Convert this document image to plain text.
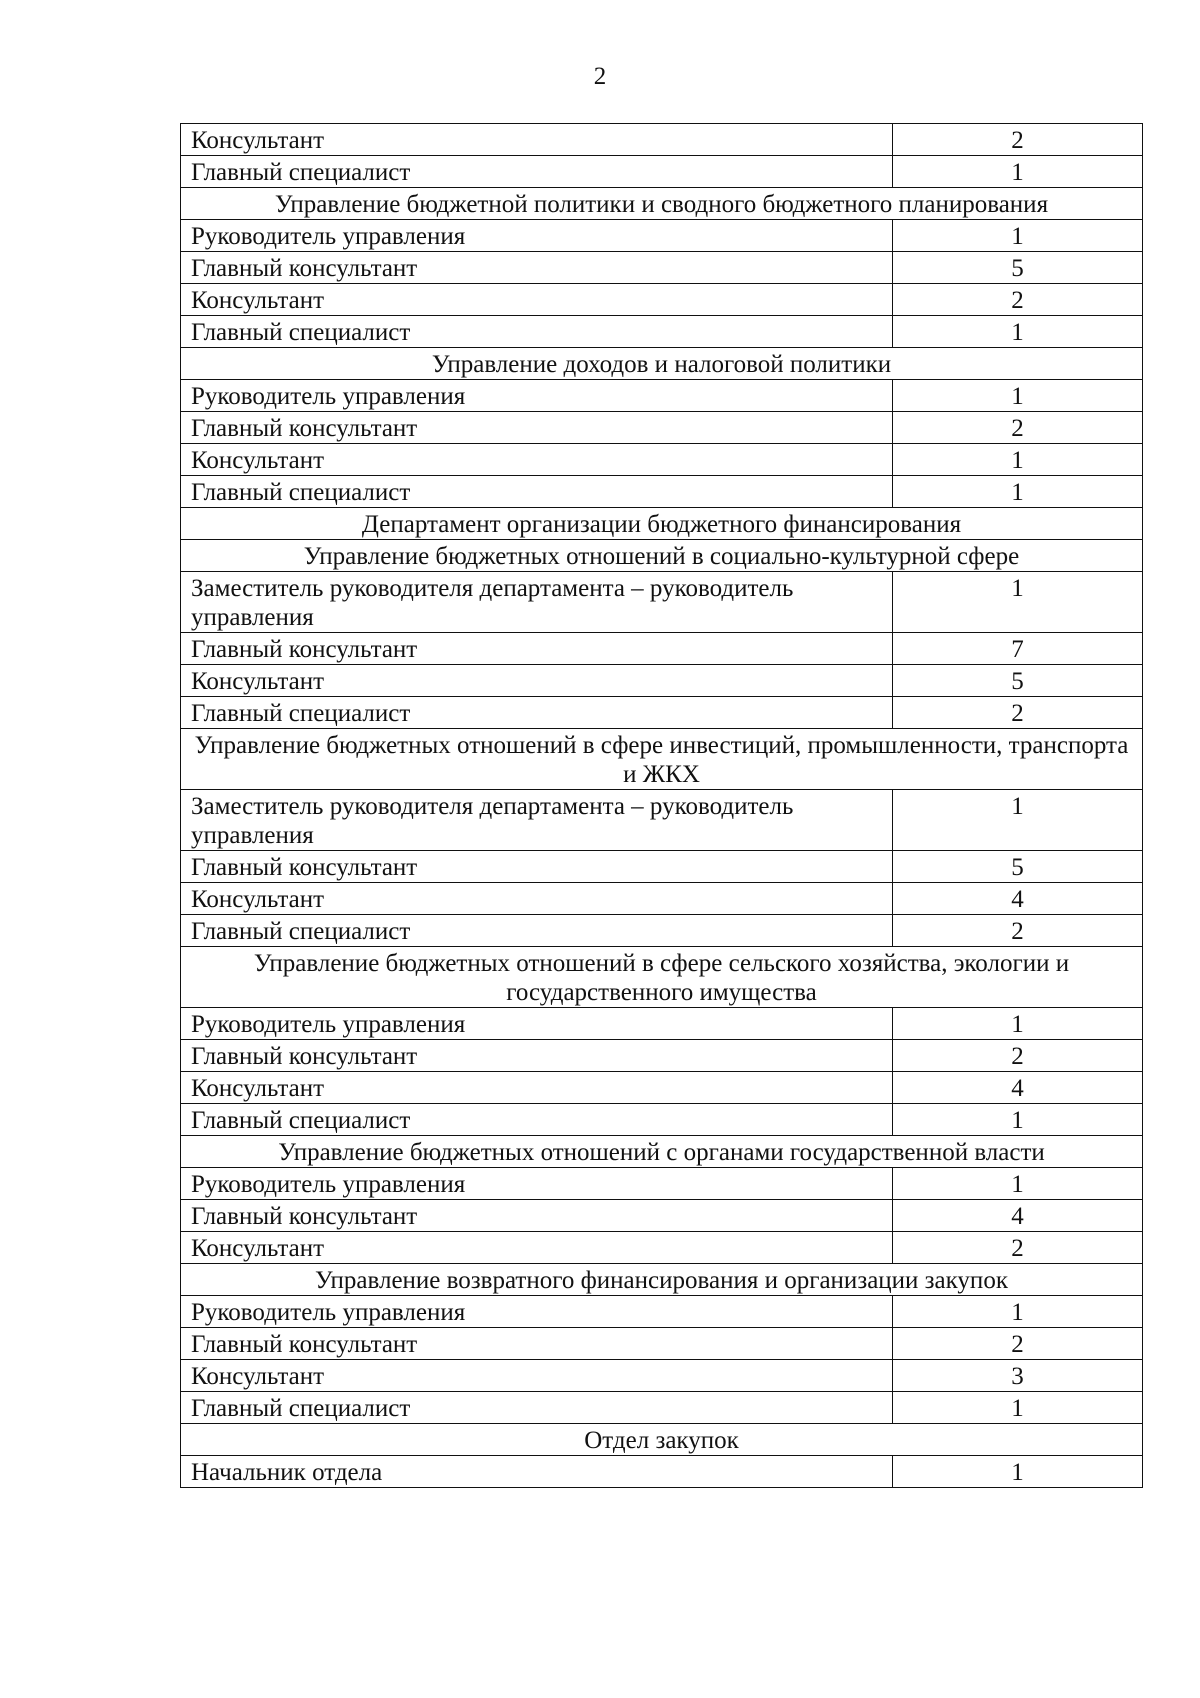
2
Консультант	2
Главный специалист	1
Управление бюджетной политики и сводного бюджетного планирования	
Руководитель управления	1
Главный консультант	5
Консультант	2
Главный специалист	1
Управление доходов и налоговой политики	
Руководитель управления	1
Главный консультант	2
Консультант	1
Главный специалист	1
Департамент организации бюджетного финансирования	
Управление бюджетных отношений в социально-культурной сфере	
Заместитель руководителя департамента – руководитель управления	1
Главный консультант	7
Консультант	5
Главный специалист	2
Управление бюджетных отношений в сфере инвестиций, промышленности, транспорта и ЖКХ	
Заместитель руководителя департамента – руководитель управления	1
Главный консультант	5
Консультант	4
Главный специалист	2
Управление бюджетных отношений в сфере сельского хозяйства, экологии и государственного имущества	
Руководитель управления	1
Главный консультант	2
Консультант	4
Главный специалист	1
Управление бюджетных отношений с органами государственной власти	
Руководитель управления	1
Главный консультант	4
Консультант	2
Управление возвратного финансирования и организации закупок	
Руководитель управления	1
Главный консультант	2
Консультант	3
Главный специалист	1
Отдел закупок	
Начальник отдела	1
